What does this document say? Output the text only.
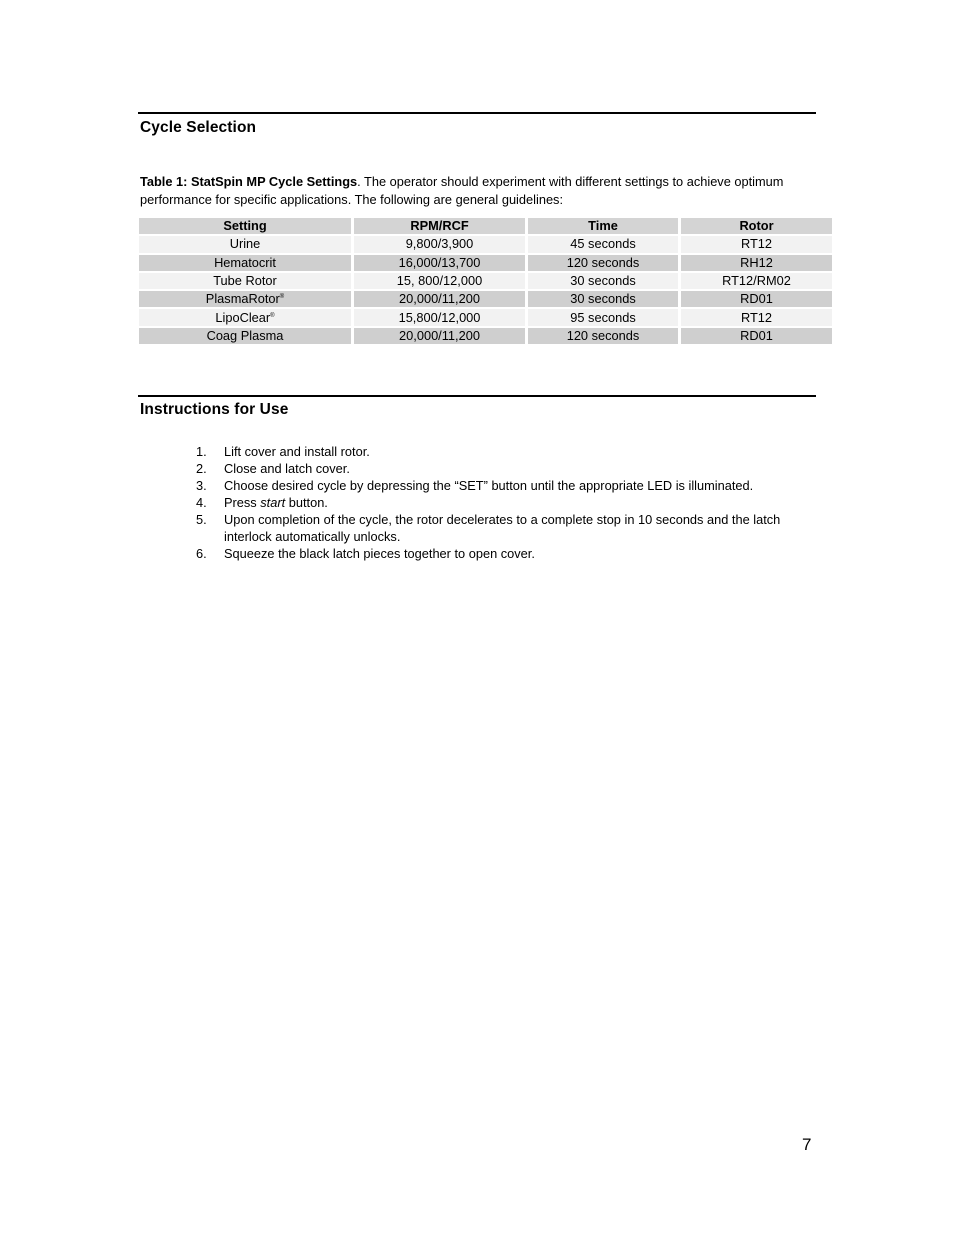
Cycle Selection

Table 1: StatSpin MP Cycle Settings. The operator should experiment with different settings to achieve optimum performance for specific applications. The following are general guidelines:

Setting	RPM/RCF	Time	Rotor
Urine	9,800/3,900	45 seconds	RT12
Hematocrit	16,000/13,700	120 seconds	RH12
Tube Rotor	15, 800/12,000	30 seconds	RT12/RM02
PlasmaRotor®	20,000/11,200	30 seconds	RD01
LipoClear®	15,800/12,000	95 seconds	RT12
Coag Plasma	20,000/11,200	120 seconds	RD01
Instructions for Use
1. Lift cover and install rotor.
2. Close and latch cover.
3. Choose desired cycle by depressing the “SET” button until the appropriate LED is illuminated.
4. Press start button.
5. Upon completion of the cycle, the rotor decelerates to a complete stop in 10 seconds and the latch interlock automatically unlocks.
6. Squeeze the black latch pieces together to open cover.
7
